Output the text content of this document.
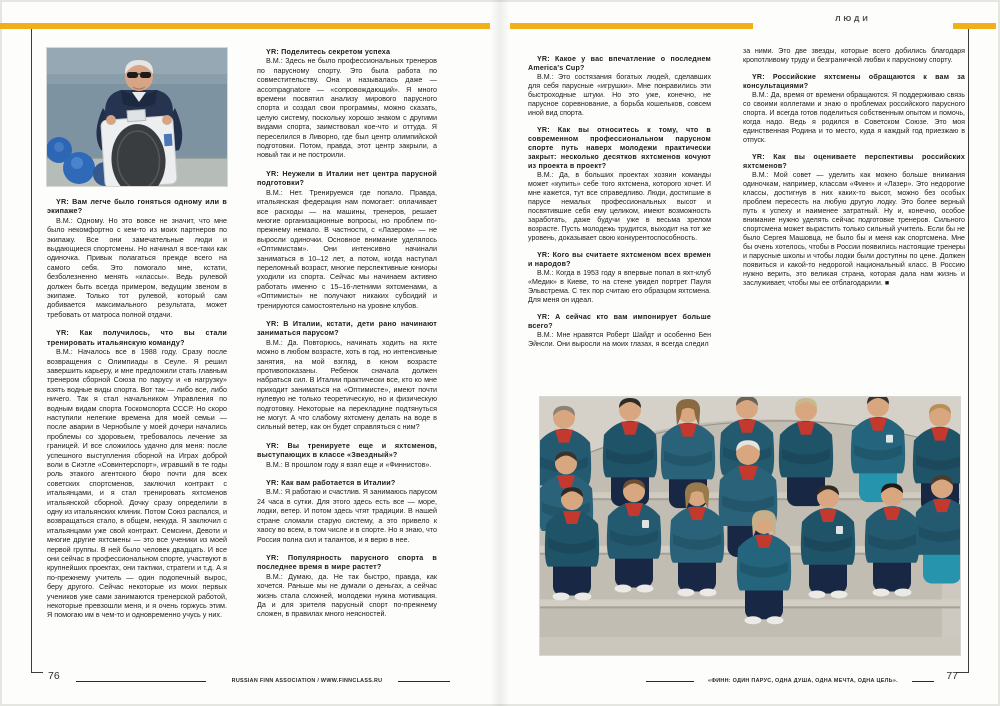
ЛЮДИ

YR: Вам легче было гоняться одному или в экипаже?

В.М.: Одному. Но это вовсе не значит, что мне было некомфортно с кем-то из моих партнеров по экипажу. Все они замечательные люди и выдающиеся спортсмены. Но начинал я все-таки как одиночка. Привык полагаться прежде всего на самого себя. Это помогало мне, кстати, безболезненно менять «классы». Ведь рулевой должен быть всегда примером, ведущим звеном в экипаже. Только тот рулевой, который сам добивается максимального результата, может требовать от матроса полной отдачи.

YR: Как получилось, что вы стали тренировать итальянскую команду?

В.М.: Началось все в 1988 году. Сразу после возвращения с Олимпиады в Сеуле. Я решил завершить карьеру, и мне предложили стать главным тренером сборной Союза по парусу и «в нагрузку» взять водные виды спорта. Вот так — либо все, либо ничего. Так я стал начальником Управления по водным видам спорта Госкомспорта СССР. Но скоро наступили нелегкие времена для моей семьи — после аварии в Чернобыле у моей дочери начались проблемы со здоровьем, требовалось лечение за границей. И все сложилось удачно для меня: после успешного выступления сборной на Играх доброй воли в Сиэтле «Совинтерспорт», игравший в те годы роль этакого агентского бюро почти для всех советских спортсменов, заключил контракт с итальянцами, и я стал тренировать яхтсменов итальянской сборной. Дочку сразу определили в одну из итальянских клиник. Потом Союз распался, и возвращаться стало, в общем, некуда. Я заключил с итальянцами уже свой контракт. Семсини, Девоти и многие другие яхтсмены — это все ученики из моей первой группы. В ней было человек двадцать. И все они сейчас в профессиональном спорте, участвуют в крупнейших проектах, они тактики, стратеги и т.д. А я по-прежнему учитель — один подопечный вырос, беру другого. Сейчас некоторые из моих первых учеников уже сами занимаются тренерской работой, некоторые превзошли меня, и я очень горжусь этим. Я помогаю им в чем-то и одновременно учусь у них.

YR: Поделитесь секретом успеха

В.М.: Здесь не было профессиональных тренеров по парусному спорту. Это была работа по совместительству. Она и называлась даже — accompagnatore — «сопровождающий». Я много времени посвятил анализу мирового парусного спорта и создал свои программы, можно сказать, целую систему, поскольку хорошо знаком с другими видами спорта, заимствовал кое-что и оттуда. Я переселился в Ливорно, где был центр олимпийской подготовки. Потом, правда, этот центр закрыли, а новый так и не построили.

YR: Неужели в Италии нет центра парусной подготовки?

В.М.: Нет. Тренируемся где попало. Правда, итальянская федерация нам помогает: оплачивает все расходы — на машины, тренеров, решает многие организационные вопросы, но проблем по-прежнему немало. В частности, с «Лазером» — не выросли одиночки. Основное внимание уделялось «Оптимистам». Они интенсивно начинали заниматься в 10–12 лет, а потом, когда наступал переломный возраст, многие перспективные юниоры уходили из спорта. Сейчас мы начинаем активно работать именно с 15–16-летними яхтсменами, а «Оптимисты» не получают никаких субсидий и тренируются самостоятельно на уровне клубов.

YR: В Италии, кстати, дети рано начинают заниматься парусом?

В.М.: Да. Повторюсь, начинать ходить на яхте можно в любом возрасте, хоть в год, но интенсивные занятия, на мой взгляд, в юном возрасте противопоказаны. Ребенок сначала должен набраться сил. В Италии практически все, кто ко мне приходит заниматься на «Оптимисте», имеют почти нулевую не только теоретическую, но и физическую подготовку. Некоторые на перекладине подтянуться не могут. А что слабому яхтсмену делать на воде в сильный ветер, как он будет справляться с ним?

YR: Вы тренируете еще и яхтсменов, выступающих в классе «Звездный»?

В.М.: В прошлом году я взял еще и «Финнистов».

YR: Как вам работается в Италии?

В.М.: Я работаю и счастлив. Я занимаюсь парусом 24 часа в сутки. Для этого здесь есть все — море, лодки, ветер. И потом здесь чтят традиции. В нашей стране сломали старую систему, а это привело к хаосу во всем, в том числе и в спорте. Но я знаю, что Россия полна сил и талантов, и я верю в нее.

YR: Популярность парусного спорта в последнее время в мире растет?

В.М.: Думаю, да. Не так быстро, правда, как хочется. Раньше мы не думали о деньгах, а сейчас жизнь стала сложней, молодежи нужна мотивация. Да и для зрителя парусный спорт по-прежнему сложен, в правилах много неясностей.

76	RUSSIAN FINN ASSOCIATION / WWW.FINNCLASS.RU

YR: Какое у вас впечатление о последнем America's Cup?

В.М.: Это состязания богатых людей, сделавших для себя парусные «игрушки». Мне понравились эти быстроходные штуки. Но это уже, конечно, не парусное соревнование, а борьба кошельков, совсем иной вид спорта.

YR: Как вы относитесь к тому, что в современном профессиональном парусном спорте путь наверх молодежи практически закрыт: несколько десятков яхтсменов кочуют из проекта в проект?

В.М.: Да, в больших проектах хозяин команды может «купить» себе того яхтсмена, которого хочет. И мне кажется, тут все справедливо. Люди, достигшие в парусе немалых профессиональных высот и посвятившие себя ему целиком, имеют возможность заработать, даже будучи уже в весьма зрелом возрасте. Пусть молодежь трудится, выходит на тот же уровень, доказывает свою конкурентоспособность.

YR: Кого вы считаете яхтсменом всех времен и народов?

В.М.: Когда в 1953 году я впервые попал в яхт-клуб «Медик» в Киеве, то на стене увидел портрет Пауля Эльвстрема. С тех пор считаю его образцом яхтсмена. Для меня он идеал.

YR: А сейчас кто вам импонирует больше всего?

В.М.: Мне нравятся Роберт Шайдт и особенно Бен Эйнсли. Они выросли на моих глазах, я всегда следил

за ними. Это две звезды, которые всего добились благодаря кропотливому труду и безграничной любви к парусному спорту.

YR: Российские яхтсмены обращаются к вам за консультациями?

В.М.: Да, время от времени обращаются. Я поддерживаю связь со своими коллегами и знаю о проблемах российского парусного спорта. И всегда готов поделиться собственным опытом и помочь, когда надо. Ведь я родился в Советском Союзе. Это моя единственная Родина и то место, куда я каждый год приезжаю в отпуск.

YR: Как вы оцениваете перспективы российских яхтсменов?

В.М.: Мой совет — уделить как можно больше внимания одиночкам, например, классам «Финн» и «Лазер». Это недорогие классы, достигнув в них каких-то высот, можно без особых проблем пересесть на любую другую лодку. Это более верный путь к успеху и наименее затратный. Ну и, конечно, особое внимание нужно уделять сейчас подготовке тренеров. Сильного спортсмена может вырастить только сильный учитель. Если бы не было Сергея Машовца, не было бы и меня как спортсмена. Мне бы очень хотелось, чтобы в России появились настоящие тренеры и парусные школы и чтобы лодки были доступны по цене. Должен появиться и какой-то недорогой национальный класс. В Россию нужно верить, это великая страна, которая дала нам жизнь и заслуживает, чтобы мы ее отблагодарили. ■

«ФИНН: ОДИН ПАРУС, ОДНА ДУША, ОДНА МЕЧТА, ОДНА ЦЕЛЬ».	77
